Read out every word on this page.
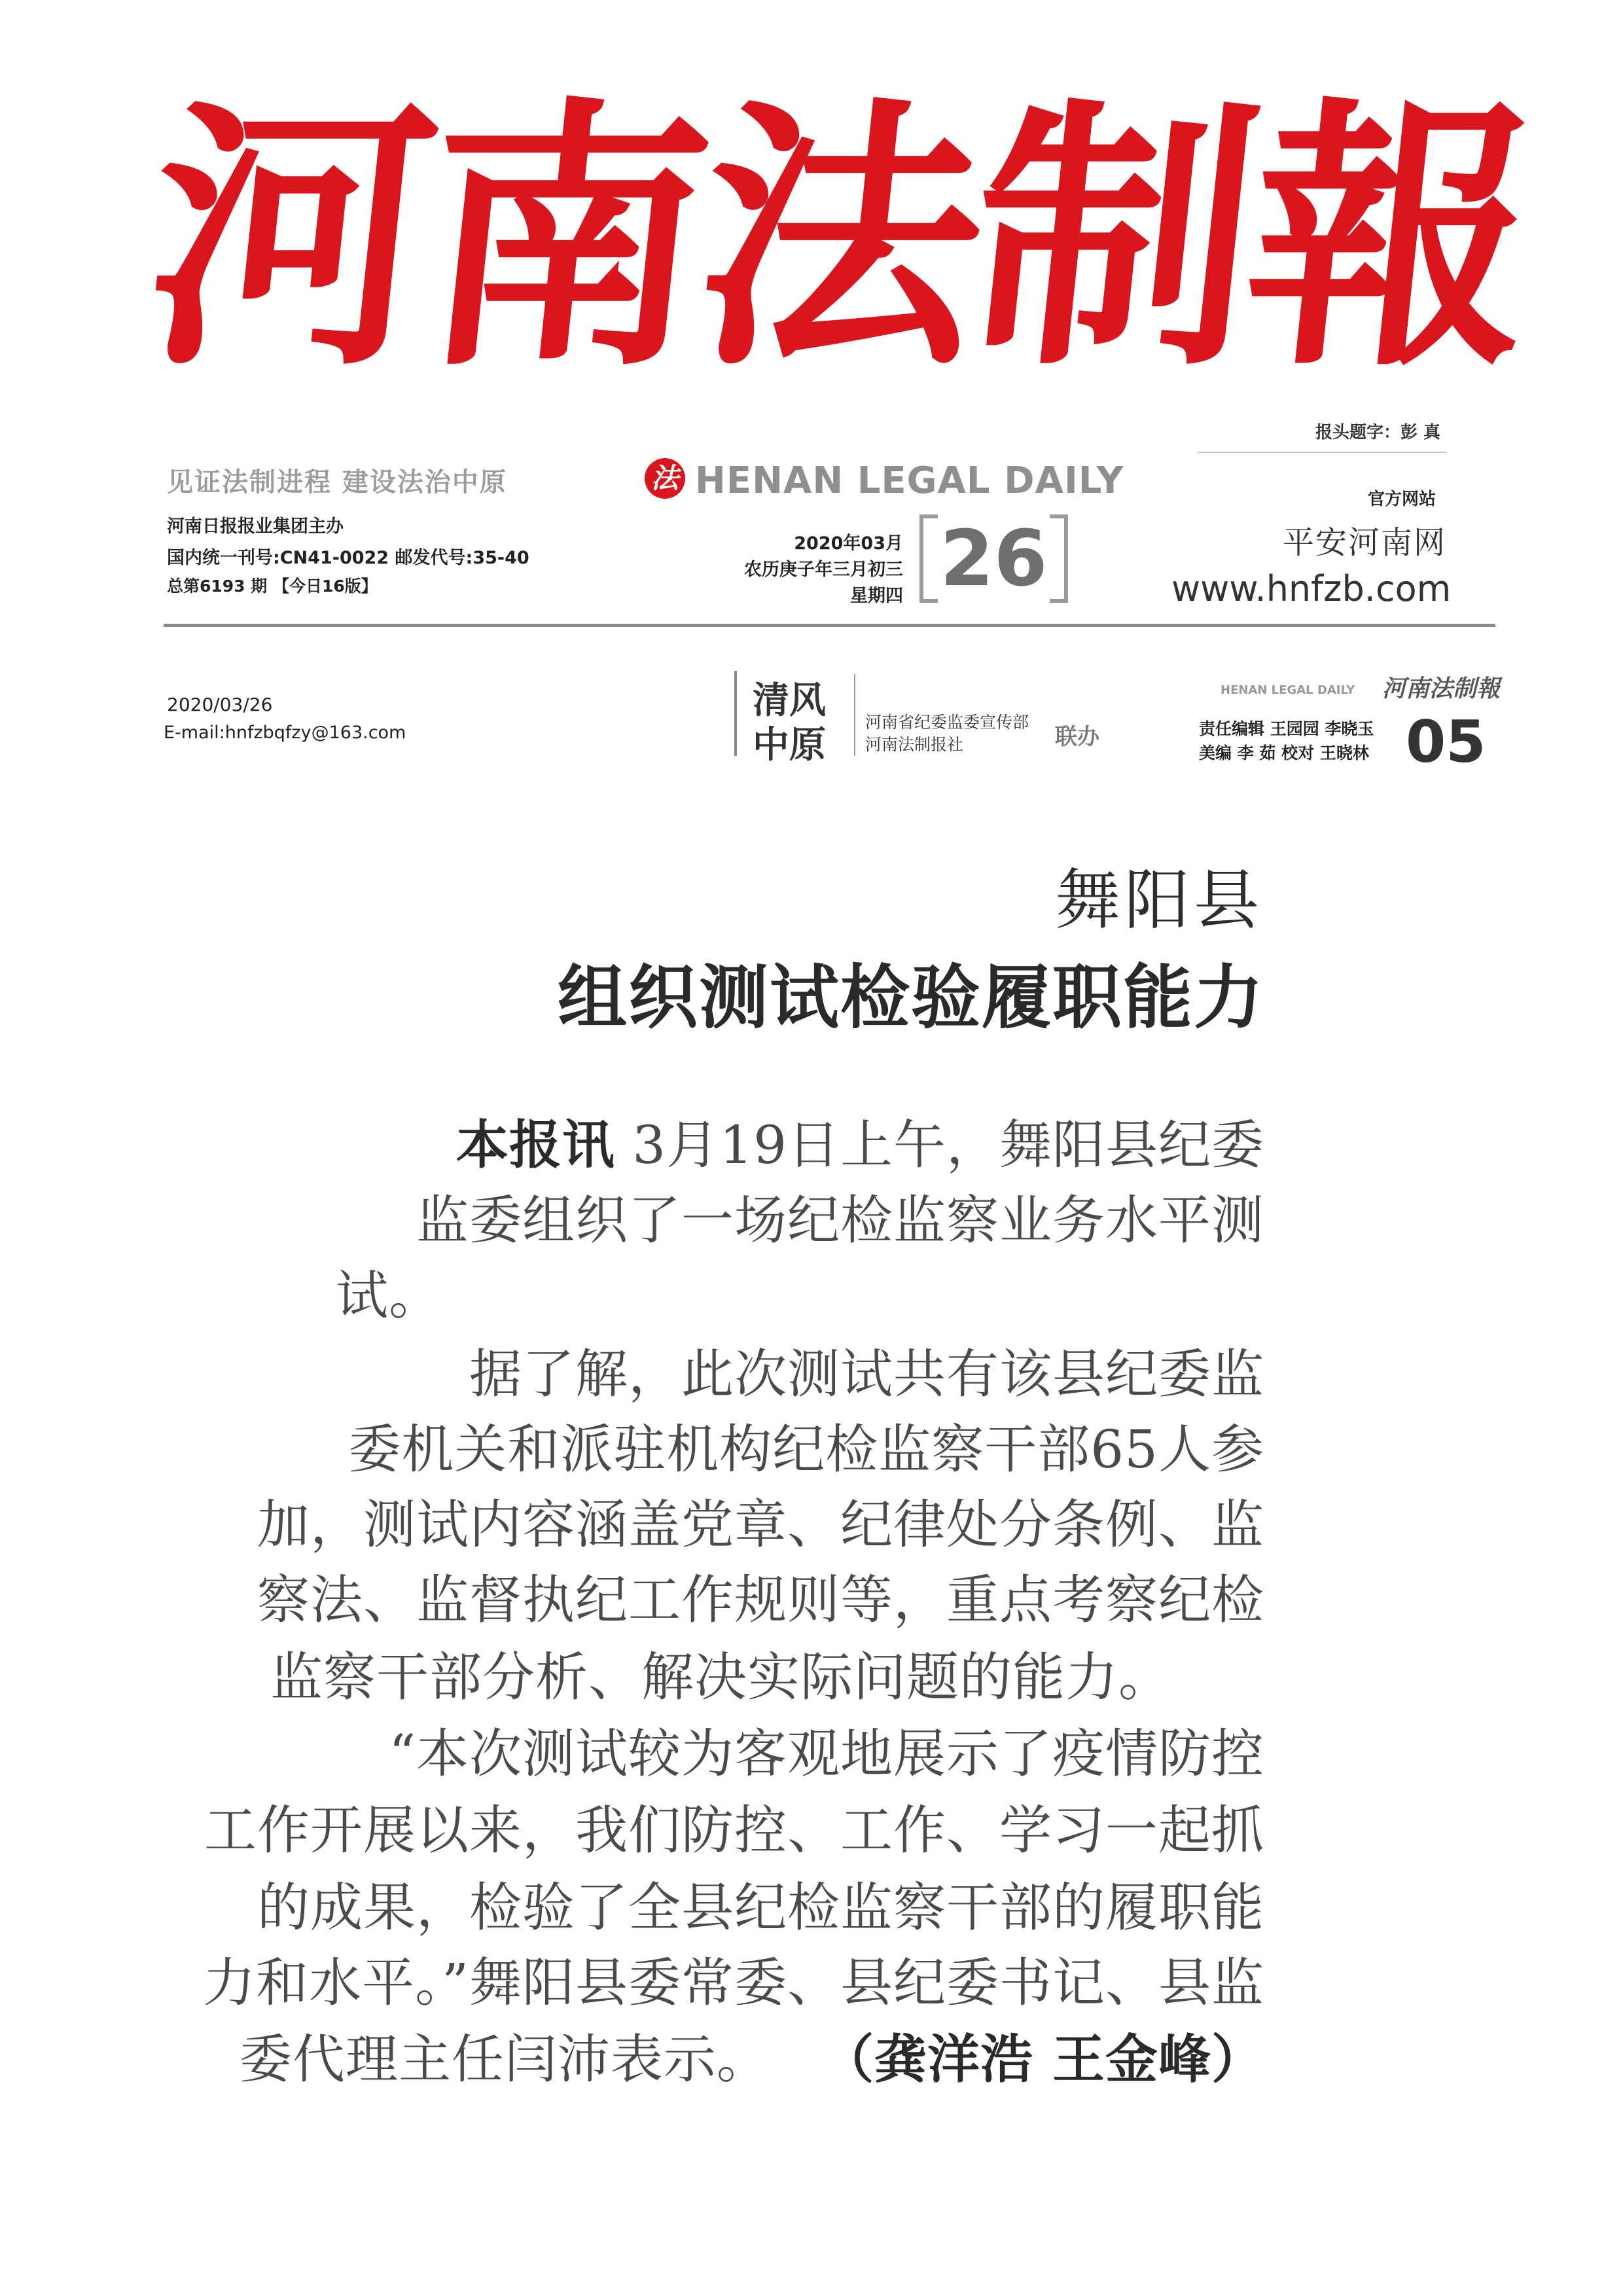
河南法制報
报头题字：彭 真
见证法制进程 建设法治中原	法 HENAN LEGAL DAILY
河南日报报业集团主办
国内统一刊号:CN41-0022 邮发代号:35-40
总第6193 期 【今日16版】
2020年03月
农历庚子年三月初三
星期四 26
官方网站
平安河南网
www.hnfzb.com
2020/03/26
E-mail:hnfzbqfzy@163.com
清风
中原
河南省纪委监委宣传部
河南法制报社	联办
HENAN LEGAL DAILY 河南法制報
责任编辑 王园园 李晓玉
美编 李 茹 校对 王晓林 05
舞阳县
组织测试检验履职能力
本报讯 3月19日上午，舞阳县纪委
监委组织了一场纪检监察业务水平测
试。
据了解，此次测试共有该县纪委监
委机关和派驻机构纪检监察干部65人参
加，测试内容涵盖党章、纪律处分条例、监
察法、监督执纪工作规则等，重点考察纪检
监察干部分析、解决实际问题的能力。
“本次测试较为客观地展示了疫情防控
工作开展以来，我们防控、工作、学习一起抓
的成果，检验了全县纪检监察干部的履职能
力和水平。”舞阳县委常委、县纪委书记、县监
委代理主任闫沛表示。 （龚洋浩 王金峰）
